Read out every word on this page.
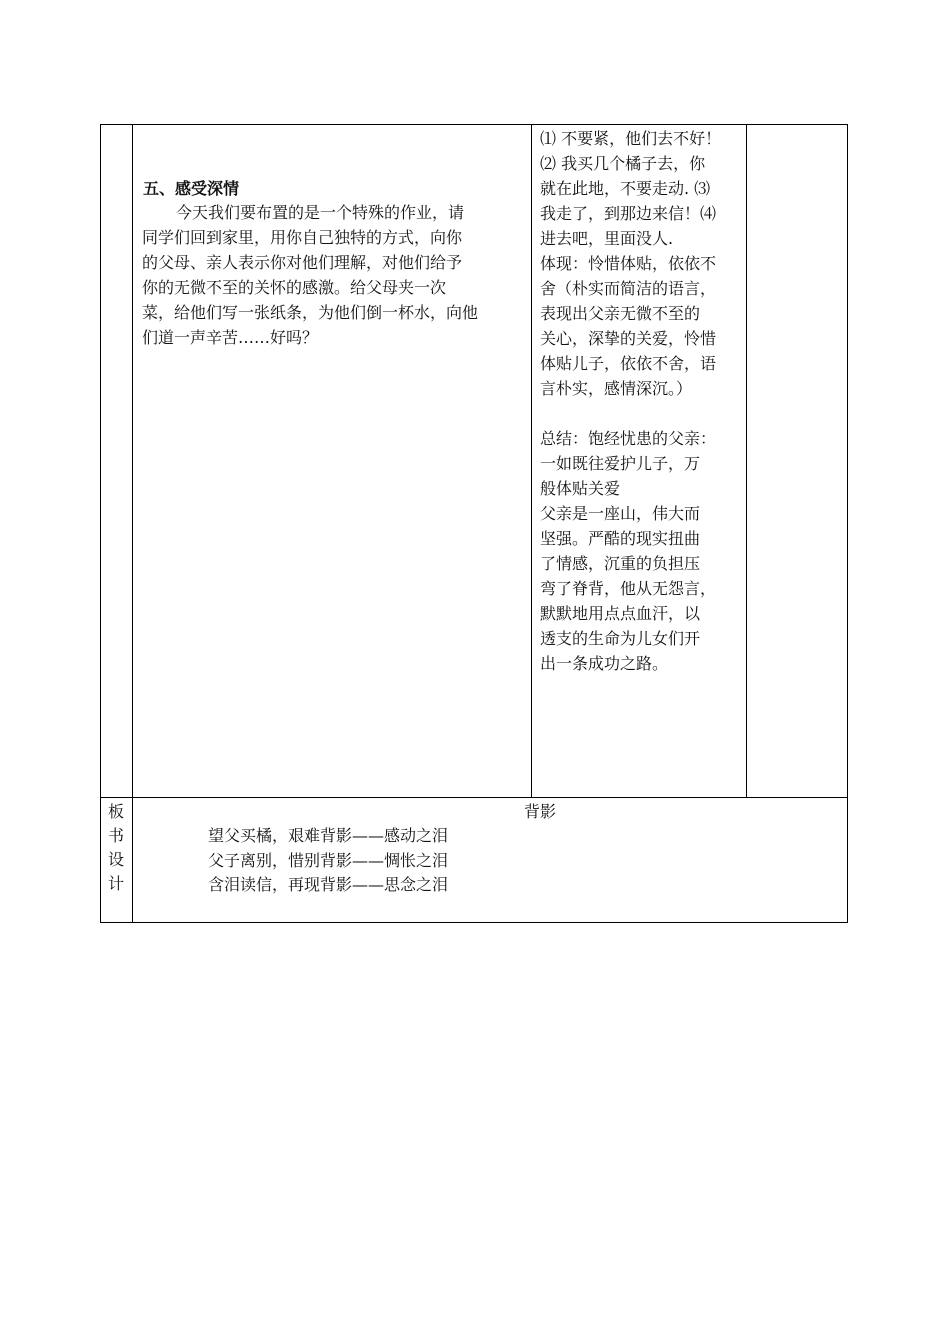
五、感受深情
今天我们要布置的是一个特殊的作业，请
同学们回到家里，用你自己独特的方式，向你
的父母、亲人表示你对他们理解，对他们给予
你的无微不至的关怀的感激。给父母夹一次
菜，给他们写一张纸条，为他们倒一杯水，向他
们道一声辛苦……好吗？
⑴ 不要紧，他们去不好！
⑵ 我买几个橘子去，你
就在此地，不要走动. ⑶
我走了，到那边来信！⑷
进去吧，里面没人.
体现：怜惜体贴，依依不
舍（朴实而简洁的语言，
表现出父亲无微不至的
关心，深挚的关爱，怜惜
体贴儿子，依依不舍，语
言朴实，感情深沉。）
总结：饱经忧患的父亲：
一如既往爱护儿子，万
般体贴关爱
父亲是一座山，伟大而
坚强。严酷的现实扭曲
了情感，沉重的负担压
弯了脊背，他从无怨言，
默默地用点点血汗，以
透支的生命为儿女们开
出一条成功之路。
板
书
设
计
背影
望父买橘，艰难背影——感动之泪
父子离别，惜别背影——惆怅之泪
含泪读信，再现背影——思念之泪
